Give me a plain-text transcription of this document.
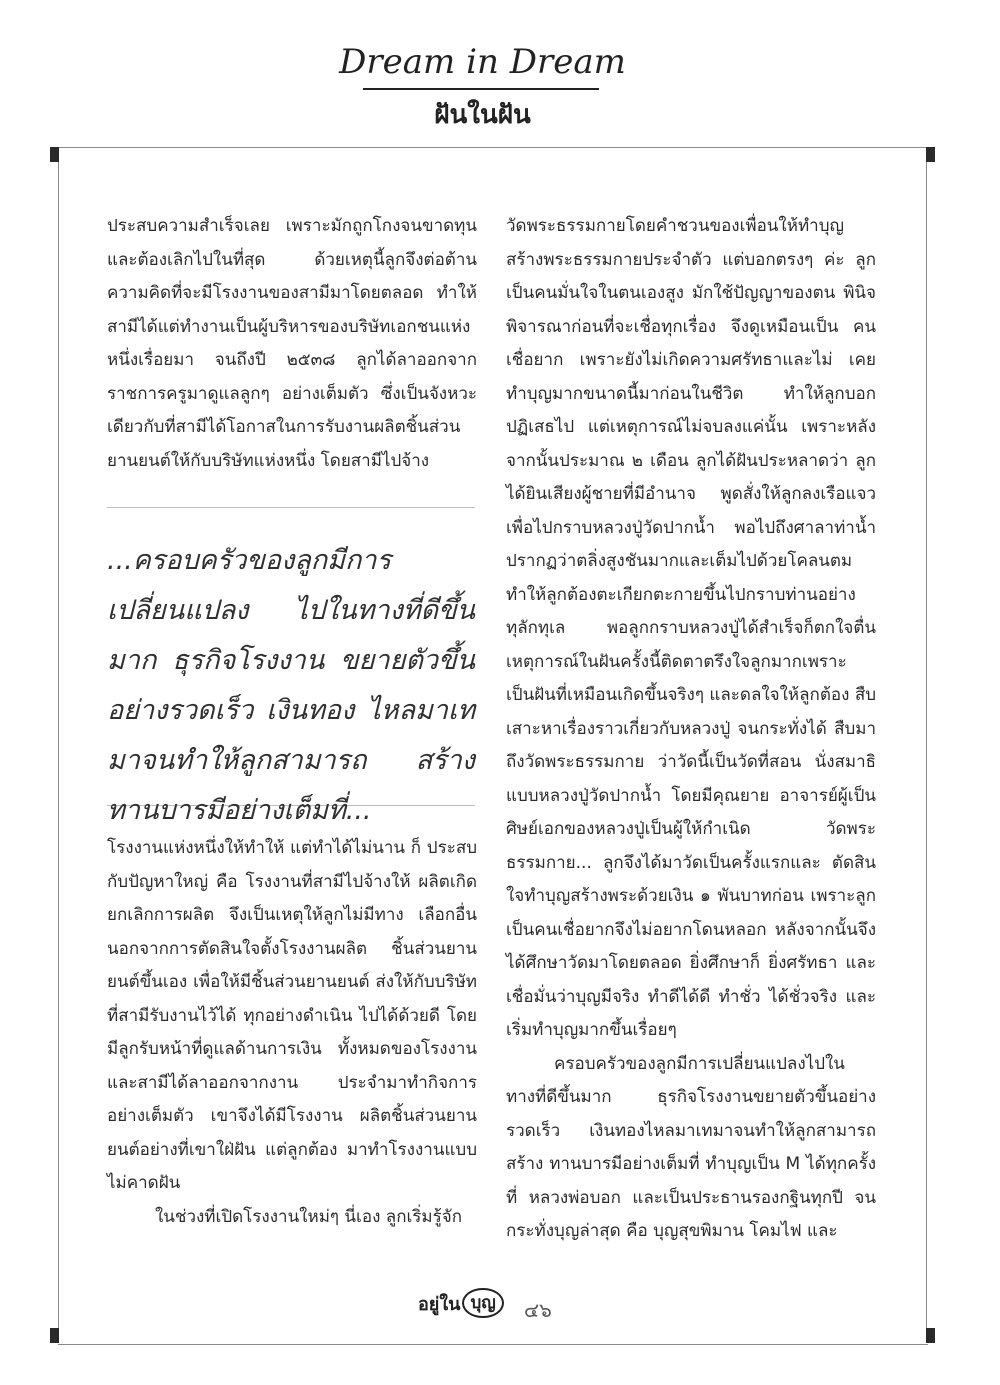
Dream in Dream
ฝันในฝัน

ประสบความสำเร็จเลย เพราะมักถูกโกงจนขาดทุน และต้องเลิกไปในที่สุด ด้วยเหตุนี้ลูกจึงต่อต้าน ความคิดที่จะมีโรงงานของสามีมาโดยตลอด ทำให้ สามีได้แต่ทำงานเป็นผู้บริหารของบริษัทเอกชนแห่ง หนึ่งเรื่อยมา จนถึงปี ๒๕๓๘ ลูกได้ลาออกจาก ราชการครูมาดูแลลูกๆ อย่างเต็มตัว ซึ่งเป็นจังหวะ เดียวกับที่สามีได้โอกาสในการรับงานผลิตชิ้นส่วน ยานยนต์ให้กับบริษัทแห่งหนึ่ง โดยสามีไปจ้าง

...ครอบครัวของลูกมีการเปลี่ยนแปลง ไปในทางที่ดีขึ้นมาก ธุรกิจโรงงาน ขยายตัวขึ้นอย่างรวดเร็ว เงินทอง ไหลมาเทมาจนทำให้ลูกสามารถ สร้างทานบารมีอย่างเต็มที่...

โรงงานแห่งหนึ่งให้ทำให้ แต่ทำได้ไม่นาน ก็ ประสบกับปัญหาใหญ่ คือ โรงงานที่สามีไปจ้างให้ ผลิตเกิดยกเลิกการผลิต จึงเป็นเหตุให้ลูกไม่มีทาง เลือกอื่น นอกจากการตัดสินใจตั้งโรงงานผลิต ชิ้นส่วนยานยนต์ขึ้นเอง เพื่อให้มีชิ้นส่วนยานยนต์ ส่งให้กับบริษัทที่สามีรับงานไว้ได้ ทุกอย่างดำเนิน ไปได้ด้วยดี โดยมีลูกรับหน้าที่ดูแลด้านการเงิน ทั้งหมดของโรงงาน และสามีได้ลาออกจากงาน ประจำมาทำกิจการอย่างเต็มตัว เขาจึงได้มีโรงงาน ผลิตชิ้นส่วนยานยนต์อย่างที่เขาใฝ่ฝัน แต่ลูกต้อง มาทำโรงงานแบบไม่คาดฝัน

ในช่วงที่เปิดโรงงานใหม่ๆ นี่เอง ลูกเริ่มรู้จัก

วัดพระธรรมกายโดยคำชวนของเพื่อนให้ทำบุญ สร้างพระธรรมกายประจำตัว แต่บอกตรงๆ ค่ะ ลูกเป็นคนมั่นใจในตนเองสูง มักใช้ปัญญาของตน พินิจพิจารณาก่อนที่จะเชื่อทุกเรื่อง จึงดูเหมือนเป็น คนเชื่อยาก เพราะยังไม่เกิดความศรัทธาและไม่ เคยทำบุญมากขนาดนี้มาก่อนในชีวิต ทำให้ลูกบอก ปฏิเสธไป แต่เหตุการณ์ไม่จบลงแค่นั้น เพราะหลัง จากนั้นประมาณ ๒ เดือน ลูกได้ฝันประหลาดว่า ลูก ได้ยินเสียงผู้ชายที่มีอำนาจ พูดสั่งให้ลูกลงเรือแจว เพื่อไปกราบหลวงปู่วัดปากน้ำ พอไปถึงศาลาท่าน้ำ ปรากฏว่าตลิ่งสูงชันมากและเต็มไปด้วยโคลนตม ทำให้ลูกต้องตะเกียกตะกายขึ้นไปกราบท่านอย่าง ทุลักทุเล พอลูกกราบหลวงปู่ได้สำเร็จก็ตกใจตื่น เหตุการณ์ในฝันครั้งนี้ติดตาตรึงใจลูกมากเพราะ เป็นฝันที่เหมือนเกิดขึ้นจริงๆ และดลใจให้ลูกต้อง สืบเสาะหาเรื่องราวเกี่ยวกับหลวงปู่ จนกระทั่งได้ สืบมาถึงวัดพระธรรมกาย ว่าวัดนี้เป็นวัดที่สอน นั่งสมาธิแบบหลวงปู่วัดปากน้ำ โดยมีคุณยาย อาจารย์ผู้เป็นศิษย์เอกของหลวงปู่เป็นผู้ให้กำเนิด วัดพระธรรมกาย... ลูกจึงได้มาวัดเป็นครั้งแรกและ ตัดสินใจทำบุญสร้างพระด้วยเงิน ๑ พันบาทก่อน เพราะลูกเป็นคนเชื่อยากจึงไม่อยากโดนหลอก หลังจากนั้นจึงได้ศึกษาวัดมาโดยตลอด ยิ่งศึกษาก็ ยิ่งศรัทธา และเชื่อมั่นว่าบุญมีจริง ทำดีได้ดี ทำชั่ว ได้ชั่วจริง และเริ่มทำบุญมากขึ้นเรื่อยๆ

ครอบครัวของลูกมีการเปลี่ยนแปลงไปใน ทางที่ดีขึ้นมาก ธุรกิจโรงงานขยายตัวขึ้นอย่างรวดเร็ว เงินทองไหลมาเทมาจนทำให้ลูกสามารถสร้าง ทานบารมีอย่างเต็มที่ ทำบุญเป็น M ได้ทุกครั้งที่ หลวงพ่อบอก และเป็นประธานรองกฐินทุกปี จน กระทั่งบุญล่าสุด คือ บุญสุขพิมาน โคมไฟ และ

อยู่ใน บุญ	๔๖
